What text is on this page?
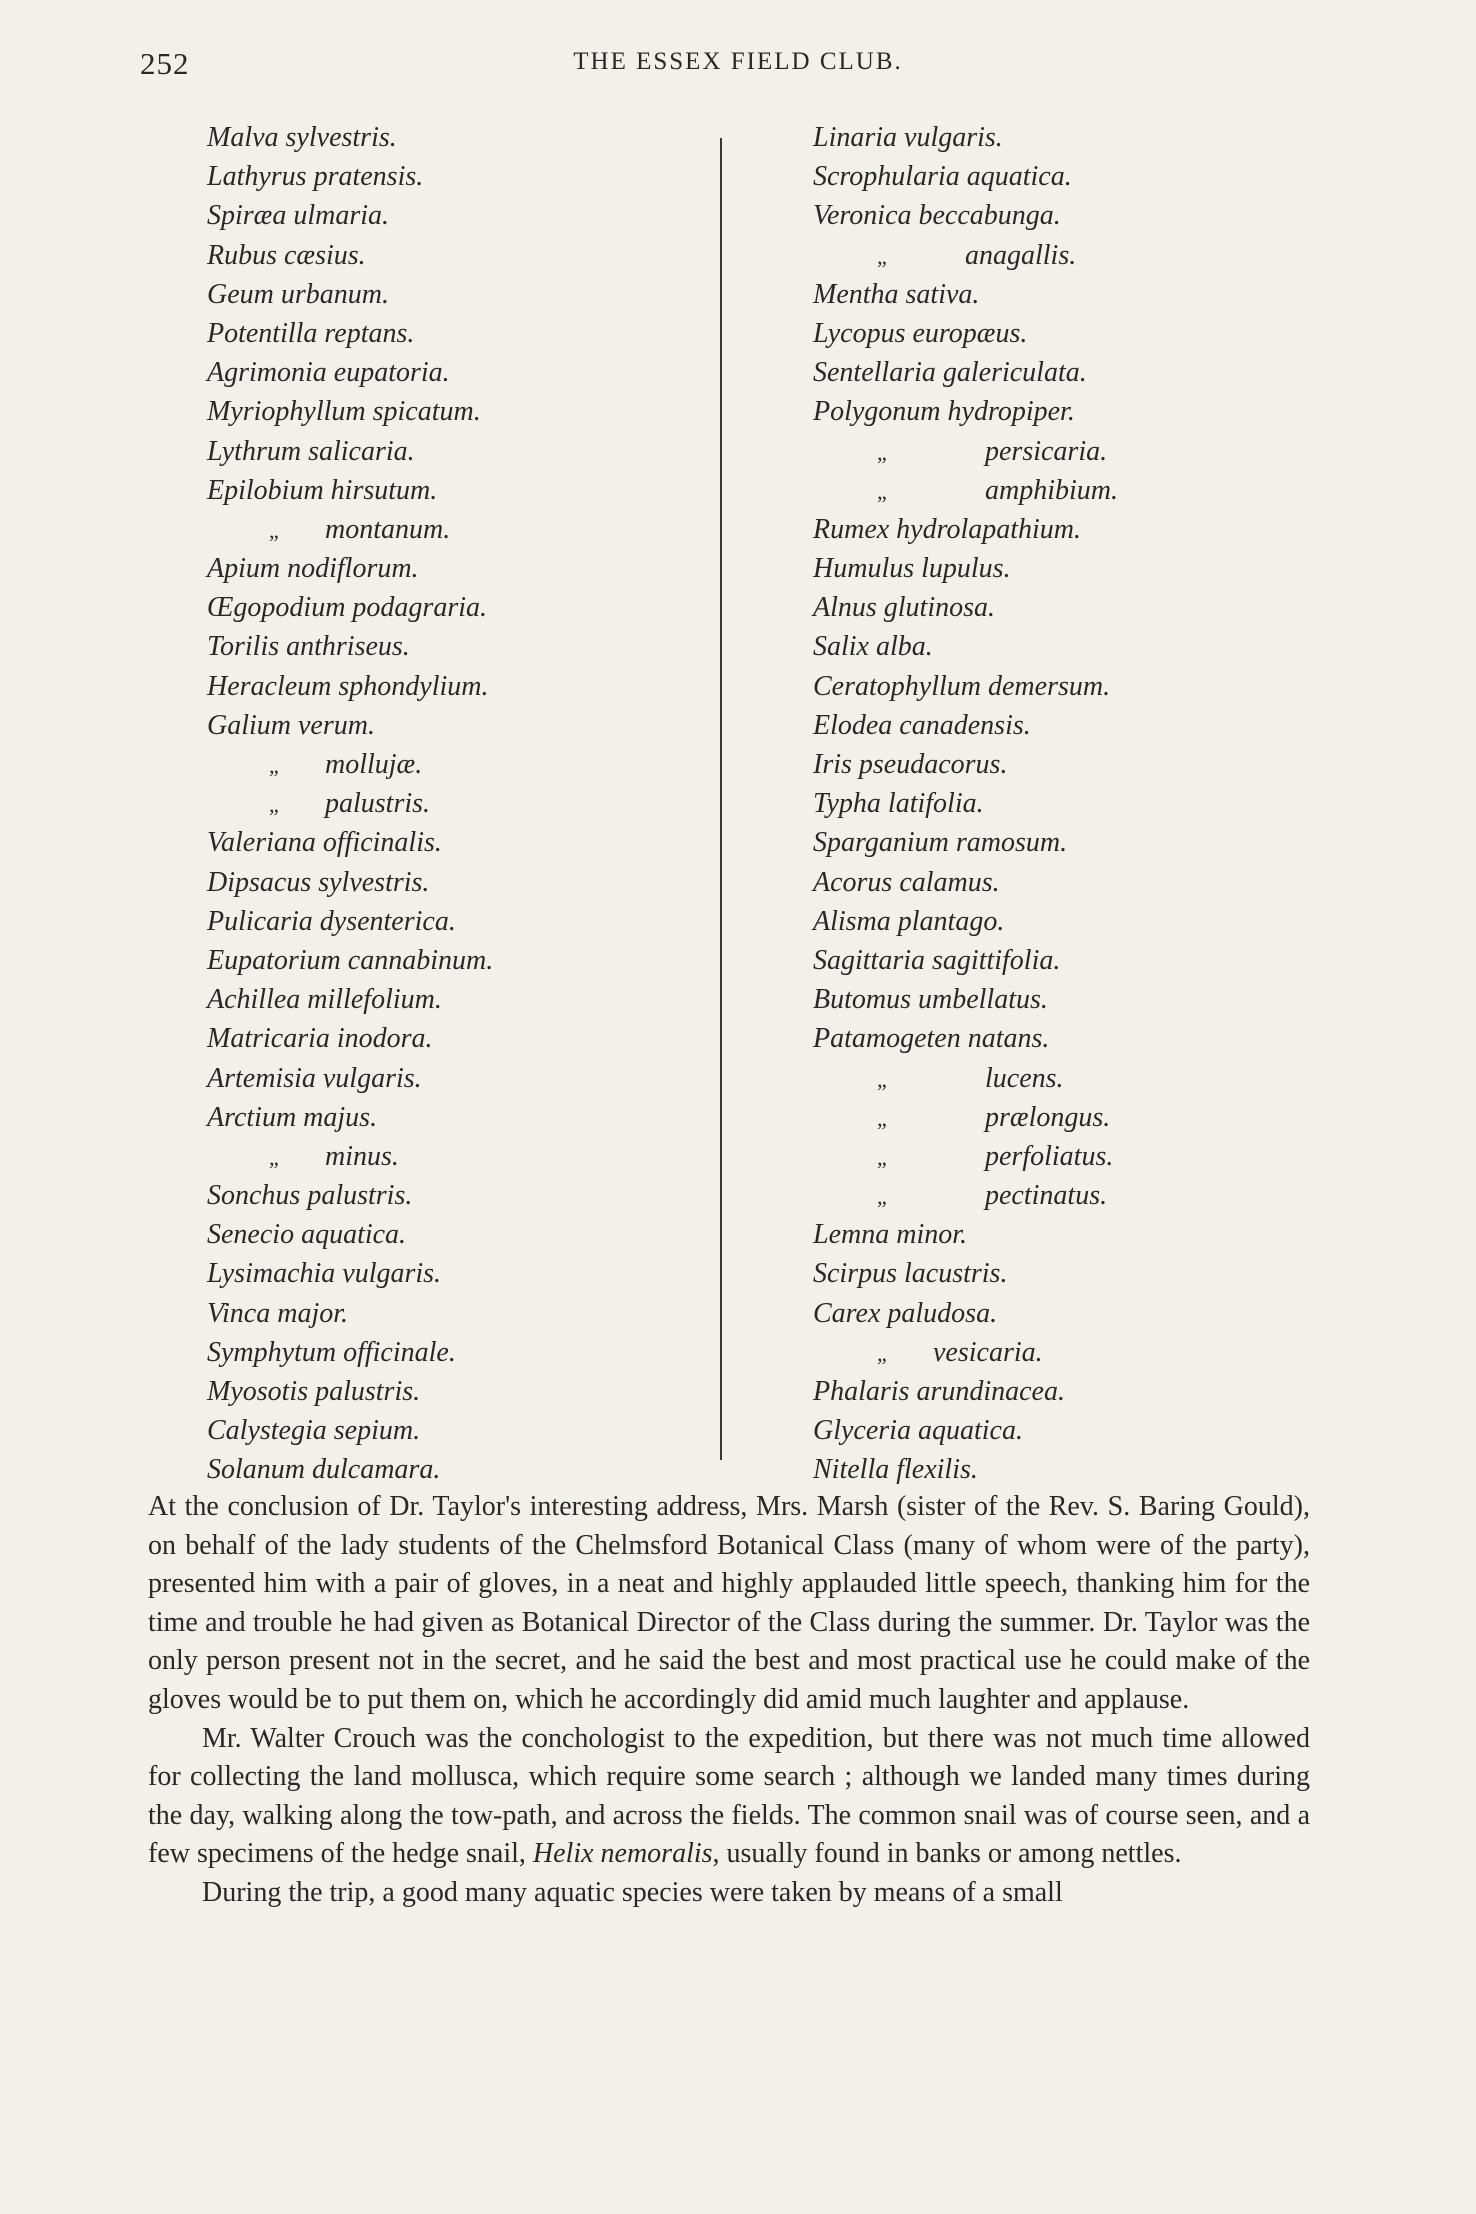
252	THE ESSEX FIELD CLUB.
Malva sylvestris.
Lathyrus pratensis.
Spiræa ulmaria.
Rubus cæsius.
Geum urbanum.
Potentilla reptans.
Agrimonia eupatoria.
Myriophyllum spicatum.
Lythrum salicaria.
Epilobium hirsutum.
„ montanum.
Apium nodiflorum.
Œgopodium podagraria.
Torilis anthriseus.
Heracleum sphondylium.
Galium verum.
„ mollujæ.
„ palustris.
Valeriana officinalis.
Dipsacus sylvestris.
Pulicaria dysenterica.
Eupatorium cannabinum.
Achillea millefolium.
Matricaria inodora.
Artemisia vulgaris.
Arctium majus.
„ minus.
Sonchus palustris.
Senecio aquatica.
Lysimachia vulgaris.
Vinca major.
Symphytum officinale.
Myosotis palustris.
Calystegia sepium.
Solanum dulcamara.
Linaria vulgaris.
Scrophularia aquatica.
Veronica beccabunga.
„	anagallis.
Mentha sativa.
Lycopus europæus.
Sentellaria galericulata.
Polygonum hydropiper.
„	persicaria.
„	amphibium.
Rumex hydrolapathium.
Humulus lupulus.
Alnus glutinosa.
Salix alba.
Ceratophyllum demersum.
Elodea canadensis.
Iris pseudacorus.
Typha latifolia.
Sparganium ramosum.
Acorus calamus.
Alisma plantago.
Sagittaria sagittifolia.
Butomus umbellatus.
Patamogeten natans.
„	lucens.
„	prælongus.
„	perfoliatus.
„	pectinatus.
Lemna minor.
Scirpus lacustris.
Carex paludosa.
„ vesicaria.
Phalaris arundinacea.
Glyceria aquatica.
Nitella flexilis.

At the conclusion of Dr. Taylor's interesting address, Mrs. Marsh (sister of the Rev. S. Baring Gould), on behalf of the lady students of the Chelmsford Botanical Class (many of whom were of the party), presented him with a pair of gloves, in a neat and highly applauded little speech, thanking him for the time and trouble he had given as Botanical Director of the Class during the summer. Dr. Taylor was the only person present not in the secret, and he said the best and most practical use he could make of the gloves would be to put them on, which he accordingly did amid much laughter and applause.

Mr. Walter Crouch was the conchologist to the expedition, but there was not much time allowed for collecting the land mollusca, which require some search ; although we landed many times during the day, walking along the tow-path, and across the fields. The common snail was of course seen, and a few specimens of the hedge snail, Helix nemoralis, usually found in banks or among nettles.

During the trip, a good many aquatic species were taken by means of a small
